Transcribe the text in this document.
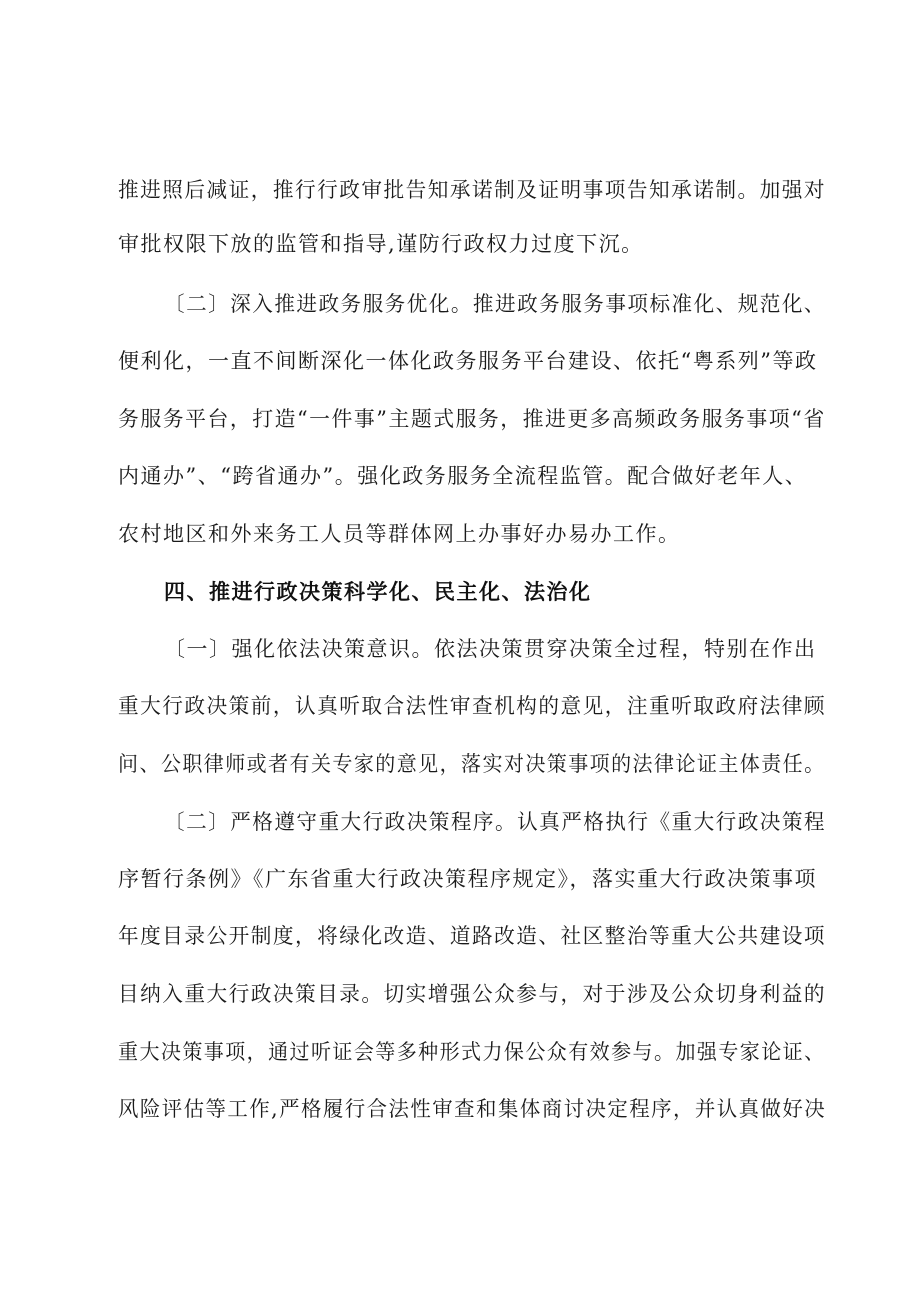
推进照后减证，推行行政审批告知承诺制及证明事项告知承诺制。加强对
审批权限下放的监管和指导,谨防行政权力过度下沉。
〔二〕深入推进政务服务优化。推进政务服务事项标准化、规范化、
便利化，一直不间断深化一体化政务服务平台建设、依托“粤系列”等政
务服务平台，打造“一件事”主题式服务，推进更多高频政务服务事项“省
内通办”、“跨省通办”。强化政务服务全流程监管。配合做好老年人、
农村地区和外来务工人员等群体网上办事好办易办工作。
四、推进行政决策科学化、民主化、法治化
〔一〕强化依法决策意识。依法决策贯穿决策全过程，特别在作出
重大行政决策前，认真听取合法性审查机构的意见，注重听取政府法律顾
问、公职律师或者有关专家的意见，落实对决策事项的法律论证主体责任。
〔二〕严格遵守重大行政决策程序。认真严格执行《重大行政决策程
序暂行条例》《广东省重大行政决策程序规定》，落实重大行政决策事项
年度目录公开制度，将绿化改造、道路改造、社区整治等重大公共建设项
目纳入重大行政决策目录。切实增强公众参与，对于涉及公众切身利益的
重大决策事项，通过听证会等多种形式力保公众有效参与。加强专家论证、
风险评估等工作,严格履行合法性审查和集体商讨决定程序，并认真做好决
